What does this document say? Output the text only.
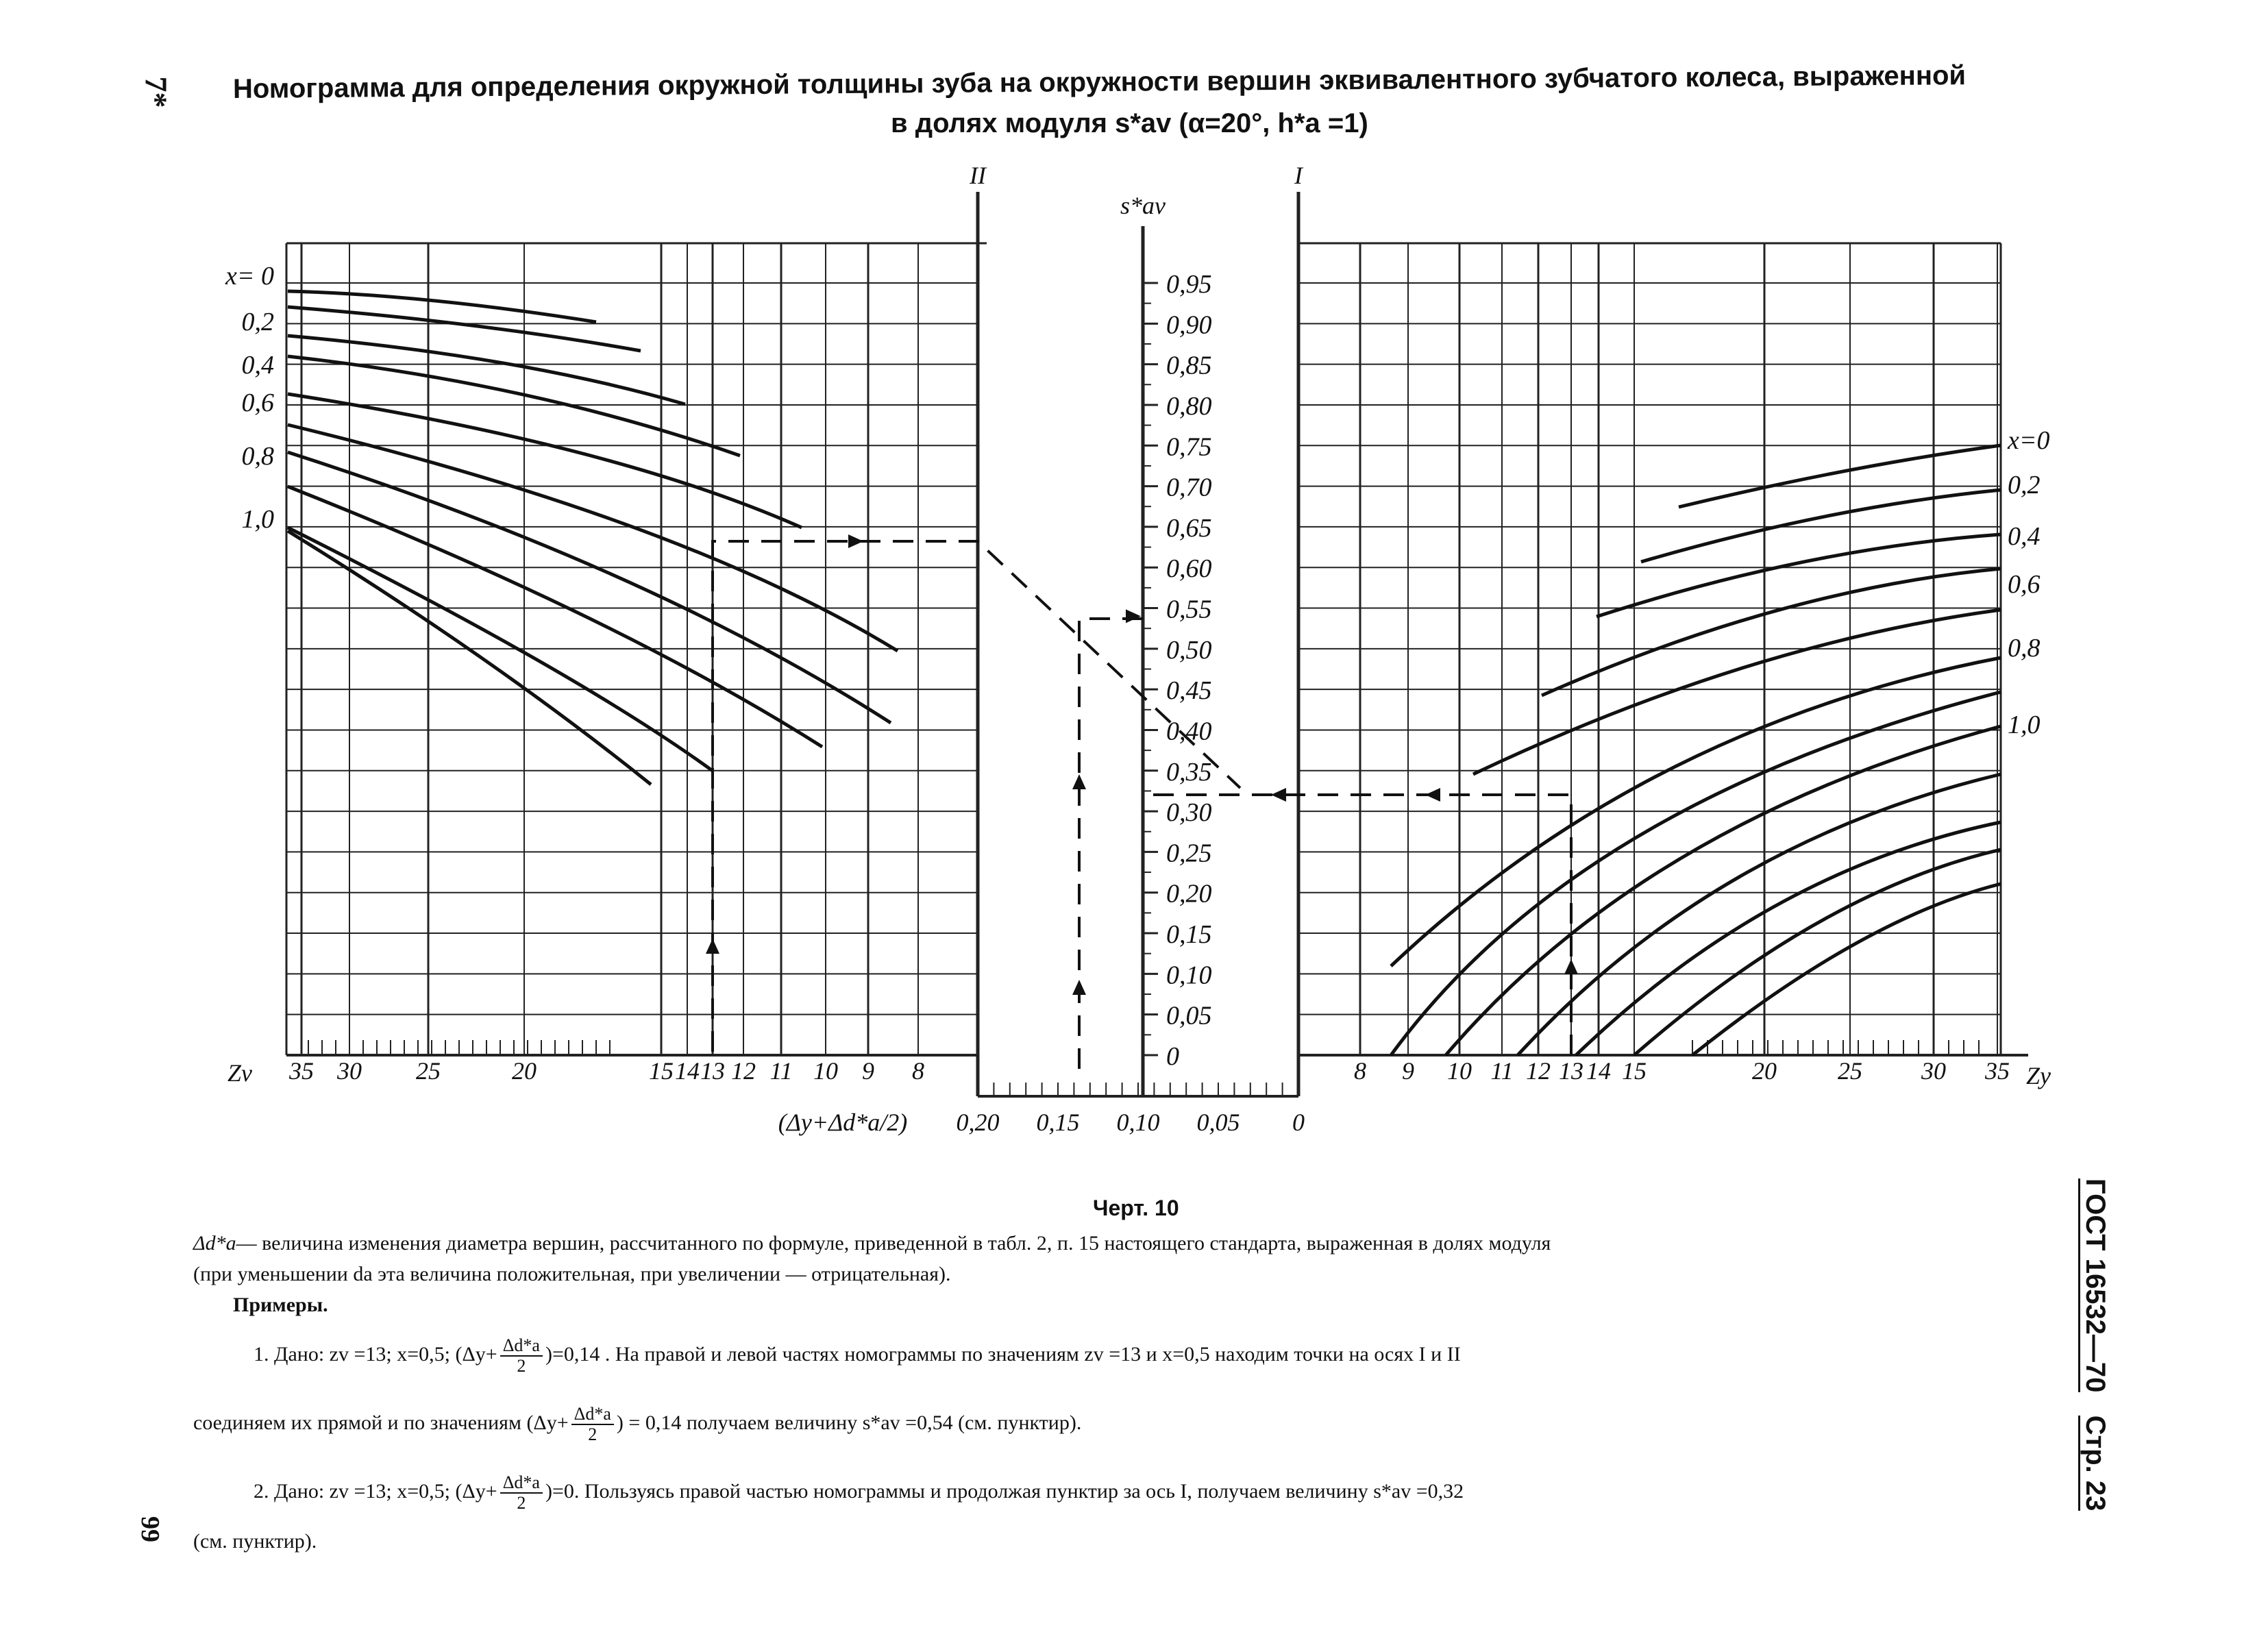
7* Номограмма для определения окружной толщины зуба на окружности вершин эквивалентного зубчатого колеса, выраженной
в долях модуля s*av (α=20°, h*a =1)
35 30 25	20	15 14 13 12 11 10 9 8	8 9 10 11 12 13 14 15	20 25 30 35
II	I
s*av
0,95
0,90
0,85
0,80
0,75
0,70
0,65
0,60
0,55
0,50
0,45
0,40
0,35
0,30
0,25
0,20
0,15
0,10
0,05
0
0,20 0,15 0,10 0,05 0
(Δy+Δd*a/2)
Zv	Zy
x= 0
0,2
0,4
0,6
0,8
1,0
x=0
0,2
0,4
0,6
0,8
1,0
Черт. 10
Δd*a— величина изменения диаметра вершин, рассчитанного по формуле, приведенной в табл. 2, п. 15 настоящего стандарта, выраженная в долях модуля
(при уменьшении da эта величина положительная, при увеличении — отрицательная).
Примеры.
1. Дано: zv =13; x=0,5; $(\Delta y+ \frac{\Delta d*a}{2} )=0,14$ . На правой и левой частях номограммы по значениям zv =13 и x=0,5 находим точки на осях I и II
соединяем их прямой и по значениям ($\Delta y+ \frac{\Delta d*a}{2}$ ) = 0,14 получаем величину s*av =0,54 (см. пунктир).
2. Дано: zv =13; x=0,5; $(\Delta y+ \frac{\Delta d*a}{2} )=0$. Пользуясь правой частью номограммы и продолжая пунктир за ось I, получаем величину s*av =0,32
(см. пунктир).
ГОСТ 16532—70   Стр. 23
99
